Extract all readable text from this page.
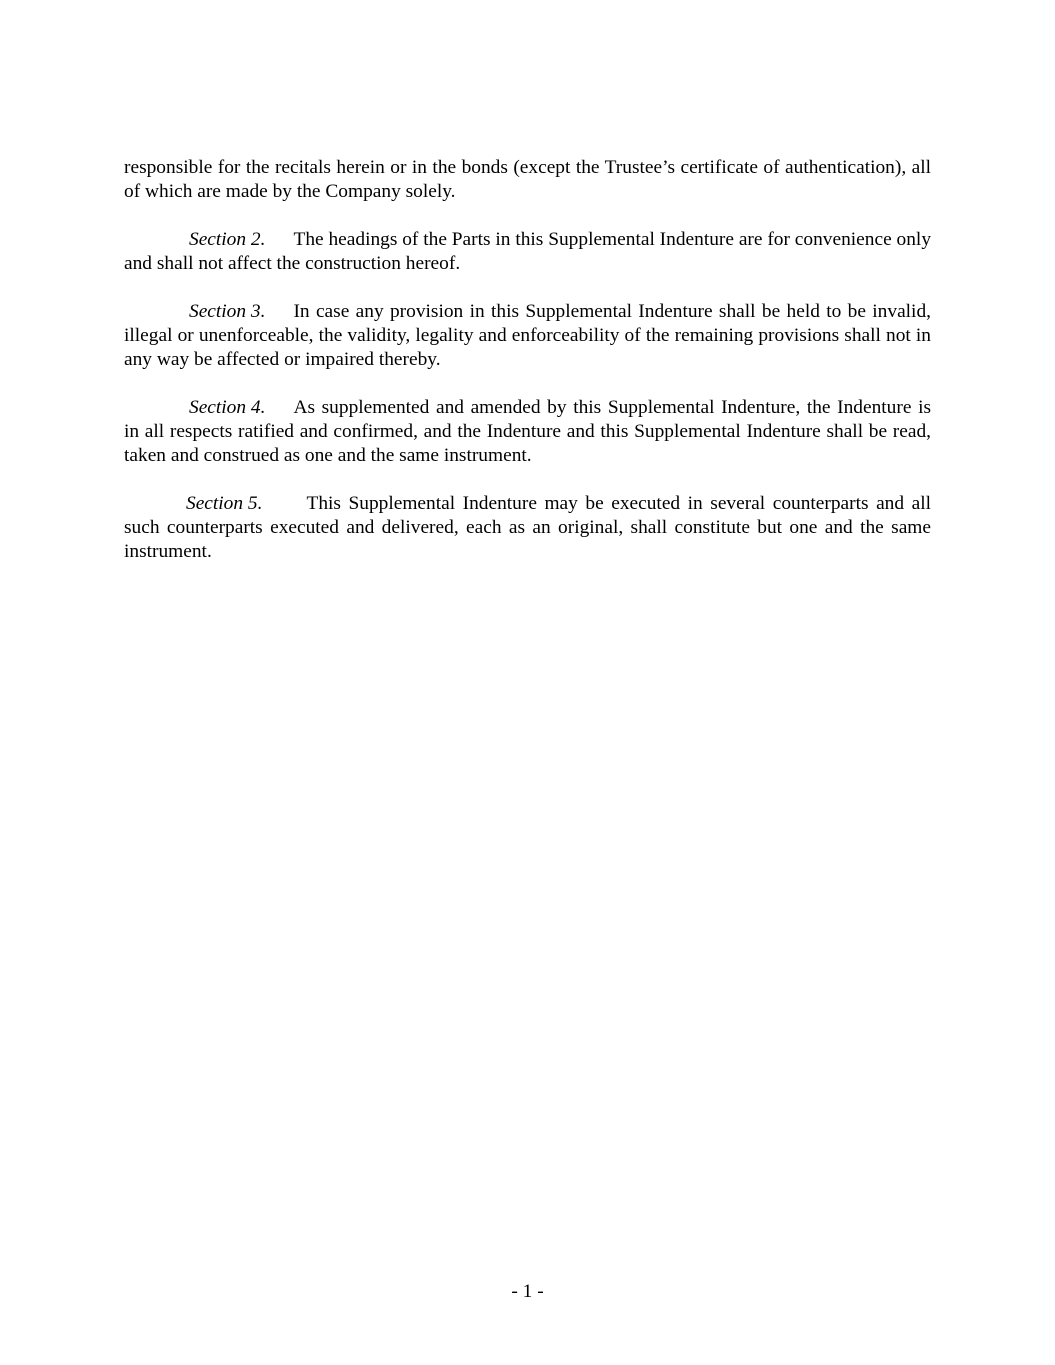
responsible for the recitals herein or in the bonds (except the Trustee’s certificate of authentication), all of which are made by the Company solely.

Section 2. The headings of the Parts in this Supplemental Indenture are for convenience only and shall not affect the construction hereof.

Section 3. In case any provision in this Supplemental Indenture shall be held to be invalid, illegal or unenforceable, the validity, legality and enforceability of the remaining provisions shall not in any way be affected or impaired thereby.

Section 4. As supplemented and amended by this Supplemental Indenture, the Indenture is in all respects ratified and confirmed, and the Indenture and this Supplemental Indenture shall be read, taken and construed as one and the same instrument.

Section 5. This Supplemental Indenture may be executed in several counterparts and all such counterparts executed and delivered, each as an original, shall constitute but one and the same instrument.

- 1 -
